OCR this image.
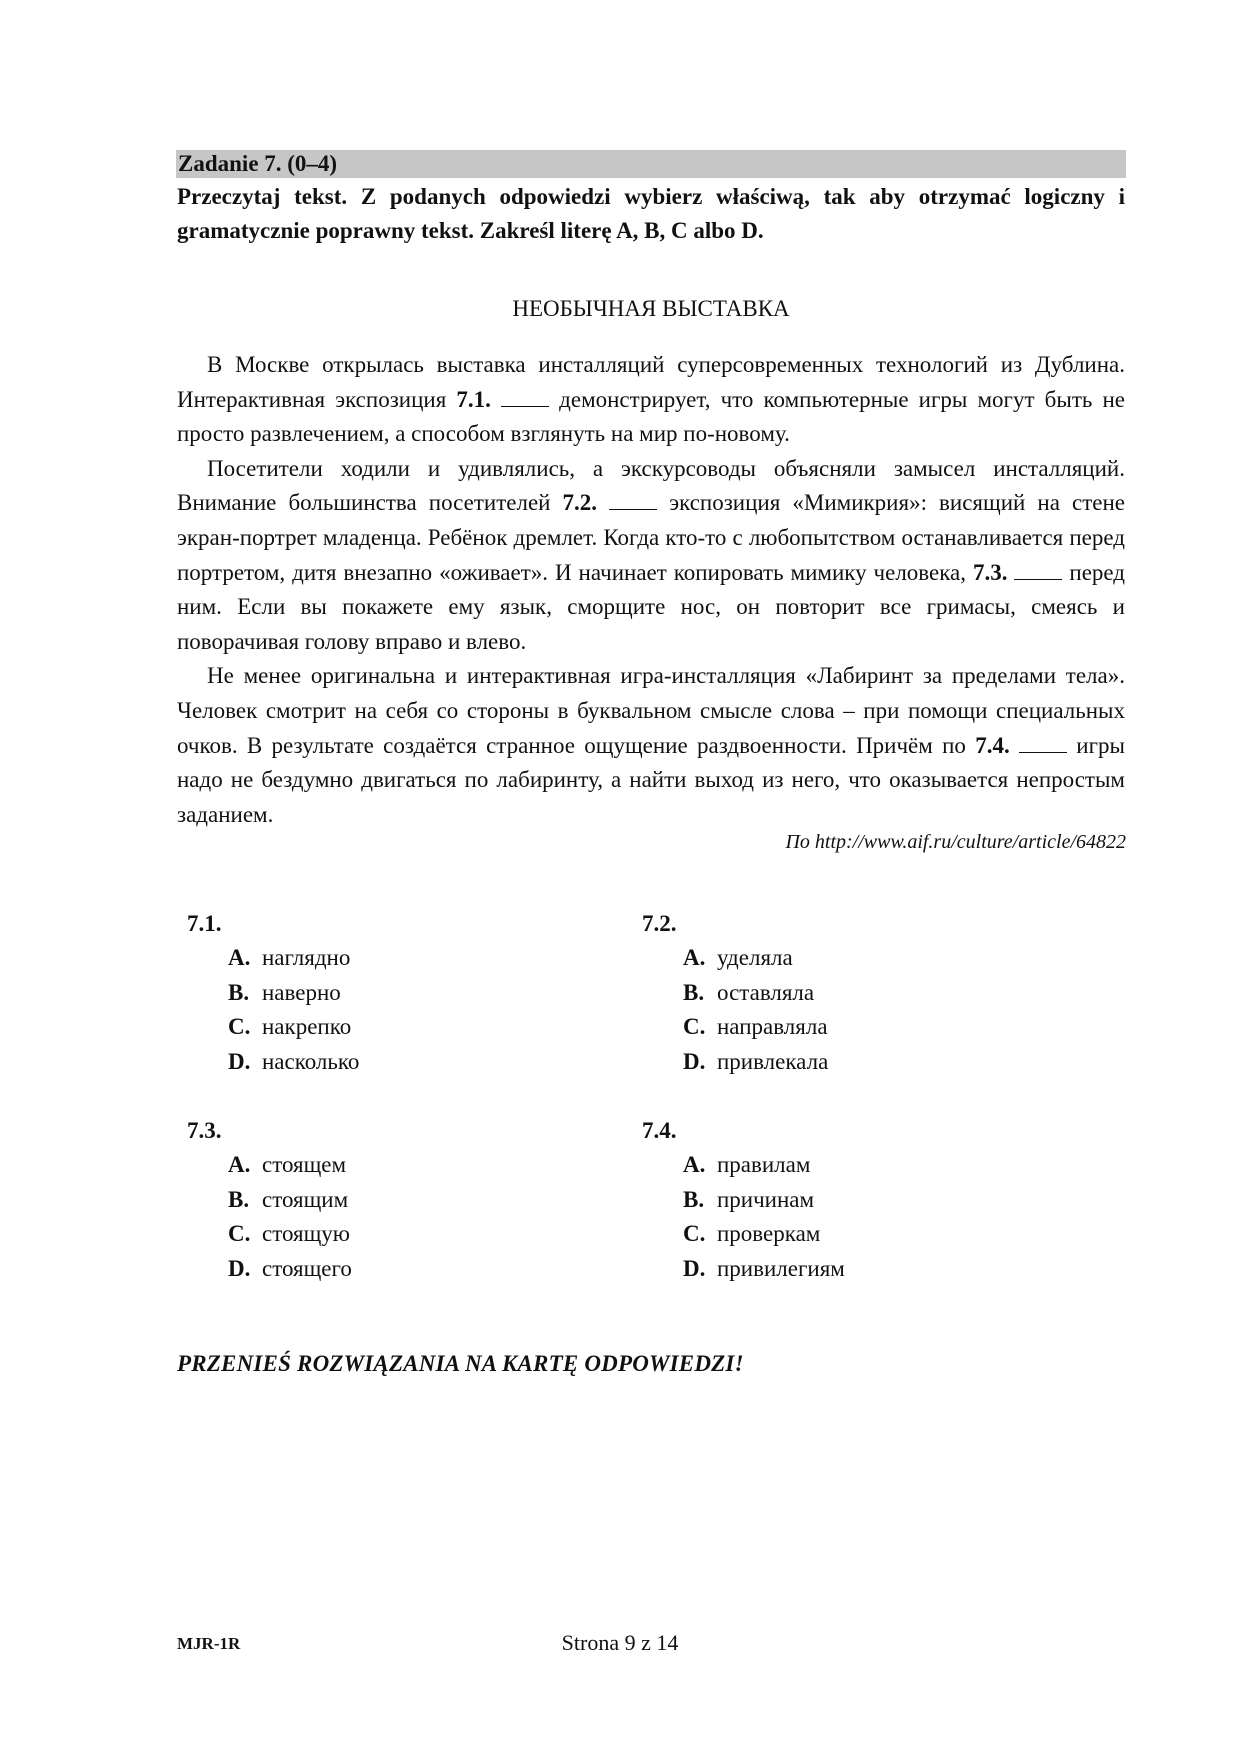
Zadanie 7. (0–4)
Przeczytaj tekst. Z podanych odpowiedzi wybierz właściwą, tak aby otrzymać logiczny i gramatycznie poprawny tekst. Zakreśl literę A, B, C albo D.
НЕОБЫЧНАЯ ВЫСТАВКА

В Москве открылась выставка инсталляций суперсовременных технологий из Дублина. Интерактивная экспозиция 7.1.	демонстрирует, что компьютерные игры могут быть не просто развлечением, а способом взглянуть на мир по-новому.

Посетители ходили и удивлялись, а экскурсоводы объясняли замысел инсталляций. Внимание большинства посетителей 7.2.	экспозиция «Мимикрия»: висящий на стене экран-портрет младенца. Ребёнок дремлет. Когда кто-то с любопытством останавливается перед портретом, дитя внезапно «оживает». И начинает копировать мимику человека, 7.3.  перед ним. Если вы покажете ему язык, сморщите нос, он повторит все гримасы, смеясь и поворачивая голову вправо и влево.

Не менее оригинальна и интерактивная игра-инсталляция «Лабиринт за пределами тела». Человек смотрит на себя со стороны в буквальном смысле слова – при помощи специальных очков. В результате создаётся странное ощущение раздвоенности. Причём по 7.4.  игры надо не бездумно двигаться по лабиринту, а найти выход из него, что оказывается непростым заданием.

По http://www.aif.ru/culture/article/64822
7.1.
A. наглядно
B. наверно
C. накрепко
D. насколько
7.2.
A. уделяла
B. оставляла
C. направляла
D. привлекала
7.3.
A. стоящем
B. стоящим
C. стоящую
D. стоящего
7.4.
A. правилам
B. причинам
C. проверкам
D. привилегиям
PRZENIEŚ ROZWIĄZANIA NA KARTĘ ODPOWIEDZI!
MJR-1R	Strona 9 z 14
